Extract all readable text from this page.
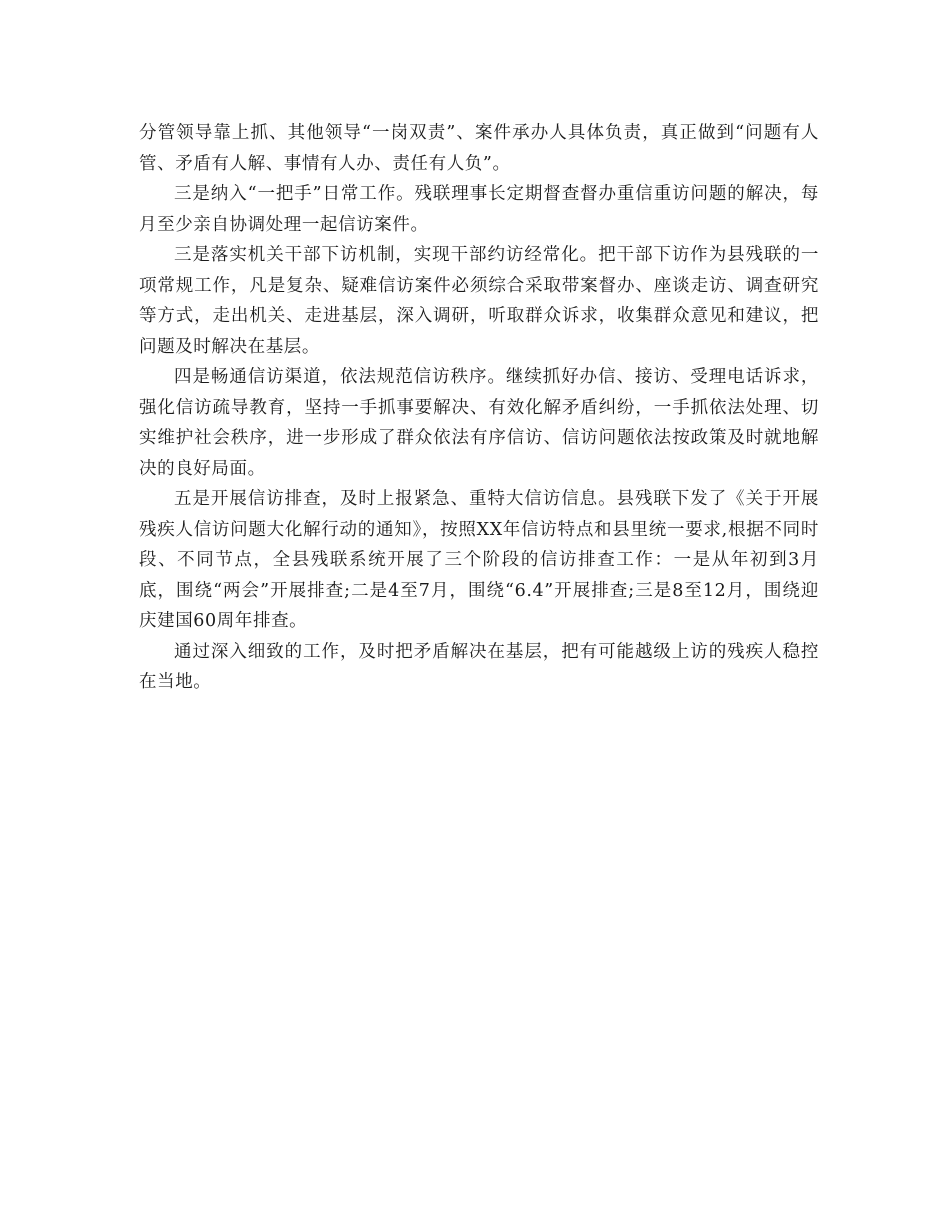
分管领导靠上抓、其他领导“一岗双责”、案件承办人具体负责，真正做到“问题有人管、矛盾有人解、事情有人办、责任有人负”。

三是纳入“一把手”日常工作。残联理事长定期督查督办重信重访问题的解决，每月至少亲自协调处理一起信访案件。

三是落实机关干部下访机制，实现干部约访经常化。把干部下访作为县残联的一项常规工作，凡是复杂、疑难信访案件必须综合采取带案督办、座谈走访、调查研究等方式，走出机关、走进基层，深入调研，听取群众诉求，收集群众意见和建议，把问题及时解决在基层。

四是畅通信访渠道，依法规范信访秩序。继续抓好办信、接访、受理电话诉求，强化信访疏导教育，坚持一手抓事要解决、有效化解矛盾纠纷，一手抓依法处理、切实维护社会秩序，进一步形成了群众依法有序信访、信访问题依法按政策及时就地解决的良好局面。

五是开展信访排查，及时上报紧急、重特大信访信息。县残联下发了《关于开展残疾人信访问题大化解行动的通知》，按照XX年信访特点和县里统一要求,根据不同时段、不同节点，全县残联系统开展了三个阶段的信访排查工作：一是从年初到3月底，围绕“两会”开展排查;二是4至7月，围绕“6.4”开展排查;三是8至12月，围绕迎庆建国60周年排查。

通过深入细致的工作，及时把矛盾解决在基层，把有可能越级上访的残疾人稳控在当地。
